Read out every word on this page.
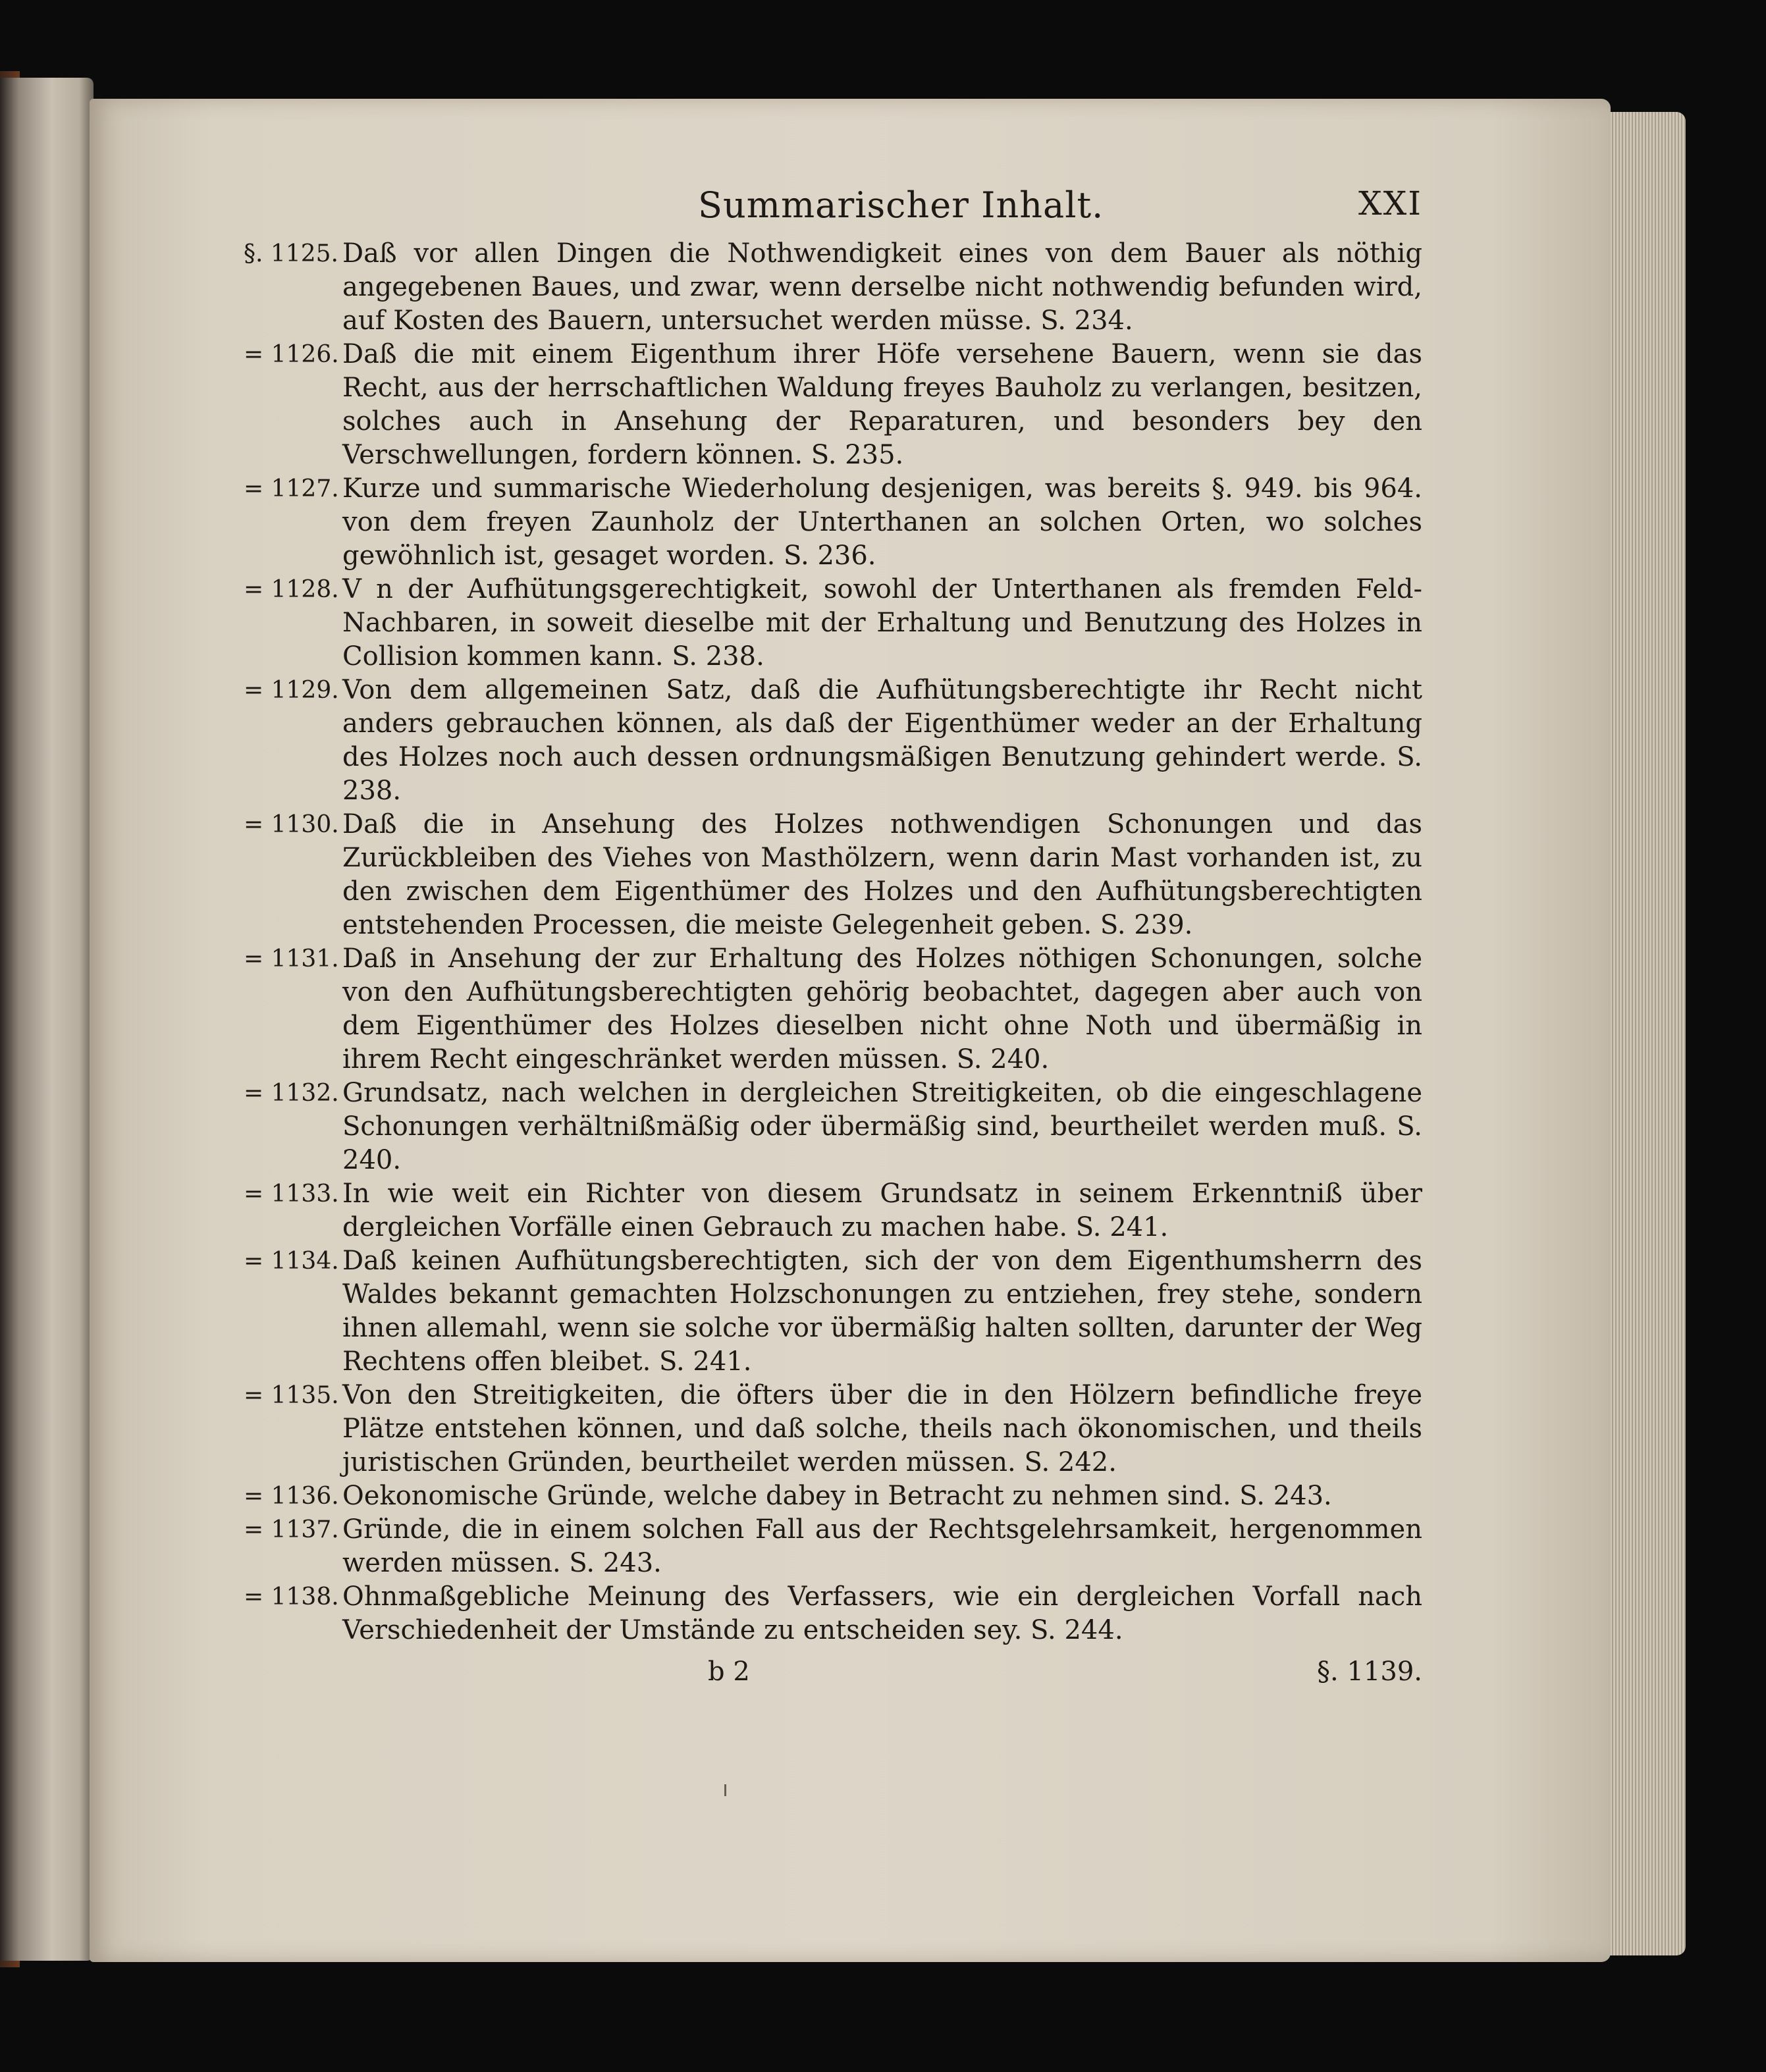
Summarischer Inhalt.	XXI
§. 1125. Daß vor allen Dingen die Nothwendigkeit eines von dem Bauer als nöthig angegebenen Baues, und zwar, wenn derselbe nicht nothwendig befunden wird, auf Kosten des Bauern, untersuchet werden müsse. S. 234.
= 1126. Daß die mit einem Eigenthum ihrer Höfe versehene Bauern, wenn sie das Recht, aus der herrschaftlichen Waldung freyes Bauholz zu verlangen, besitzen, solches auch in Ansehung der Reparaturen, und besonders bey den Verschwellungen, fordern können. S. 235.
= 1127. Kurze und summarische Wiederholung desjenigen, was bereits §. 949. bis 964. von dem freyen Zaunholz der Unterthanen an solchen Orten, wo solches gewöhnlich ist, gesaget worden. S. 236.
= 1128. V n der Aufhütungsgerechtigkeit, sowohl der Unterthanen als fremden Feld-Nachbaren, in soweit dieselbe mit der Erhaltung und Benutzung des Holzes in Collision kommen kann. S. 238.
= 1129. Von dem allgemeinen Satz, daß die Aufhütungsberechtigte ihr Recht nicht anders gebrauchen können, als daß der Eigenthümer weder an der Erhaltung des Holzes noch auch dessen ordnungsmäßigen Benutzung gehindert werde. S. 238.
= 1130. Daß die in Ansehung des Holzes nothwendigen Schonungen und das Zurückbleiben des Viehes von Masthölzern, wenn darin Mast vorhanden ist, zu den zwischen dem Eigenthümer des Holzes und den Aufhütungsberechtigten entstehenden Processen, die meiste Gelegenheit geben. S. 239.
= 1131. Daß in Ansehung der zur Erhaltung des Holzes nöthigen Schonungen, solche von den Aufhütungsberechtigten gehörig beobachtet, dagegen aber auch von dem Eigenthümer des Holzes dieselben nicht ohne Noth und übermäßig in ihrem Recht eingeschränket werden müssen. S. 240.
= 1132. Grundsatz, nach welchen in dergleichen Streitigkeiten, ob die eingeschlagene Schonungen verhältnißmäßig oder übermäßig sind, beurtheilet werden muß. S. 240.
= 1133. In wie weit ein Richter von diesem Grundsatz in seinem Erkenntniß über dergleichen Vorfälle einen Gebrauch zu machen habe. S. 241.
= 1134. Daß keinen Aufhütungsberechtigten, sich der von dem Eigenthumsherrn des Waldes bekannt gemachten Holzschonungen zu entziehen, frey stehe, sondern ihnen allemahl, wenn sie solche vor übermäßig halten sollten, darunter der Weg Rechtens offen bleibet. S. 241.
= 1135. Von den Streitigkeiten, die öfters über die in den Hölzern befindliche freye Plätze entstehen können, und daß solche, theils nach ökonomischen, und theils juristischen Gründen, beurtheilet werden müssen. S. 242.
= 1136. Oekonomische Gründe, welche dabey in Betracht zu nehmen sind. S. 243.
= 1137. Gründe, die in einem solchen Fall aus der Rechtsgelehrsamkeit, hergenommen werden müssen. S. 243.
= 1138. Ohnmaßgebliche Meinung des Verfassers, wie ein dergleichen Vorfall nach Verschiedenheit der Umstände zu entscheiden sey. S. 244.
b 2	§. 1139.
